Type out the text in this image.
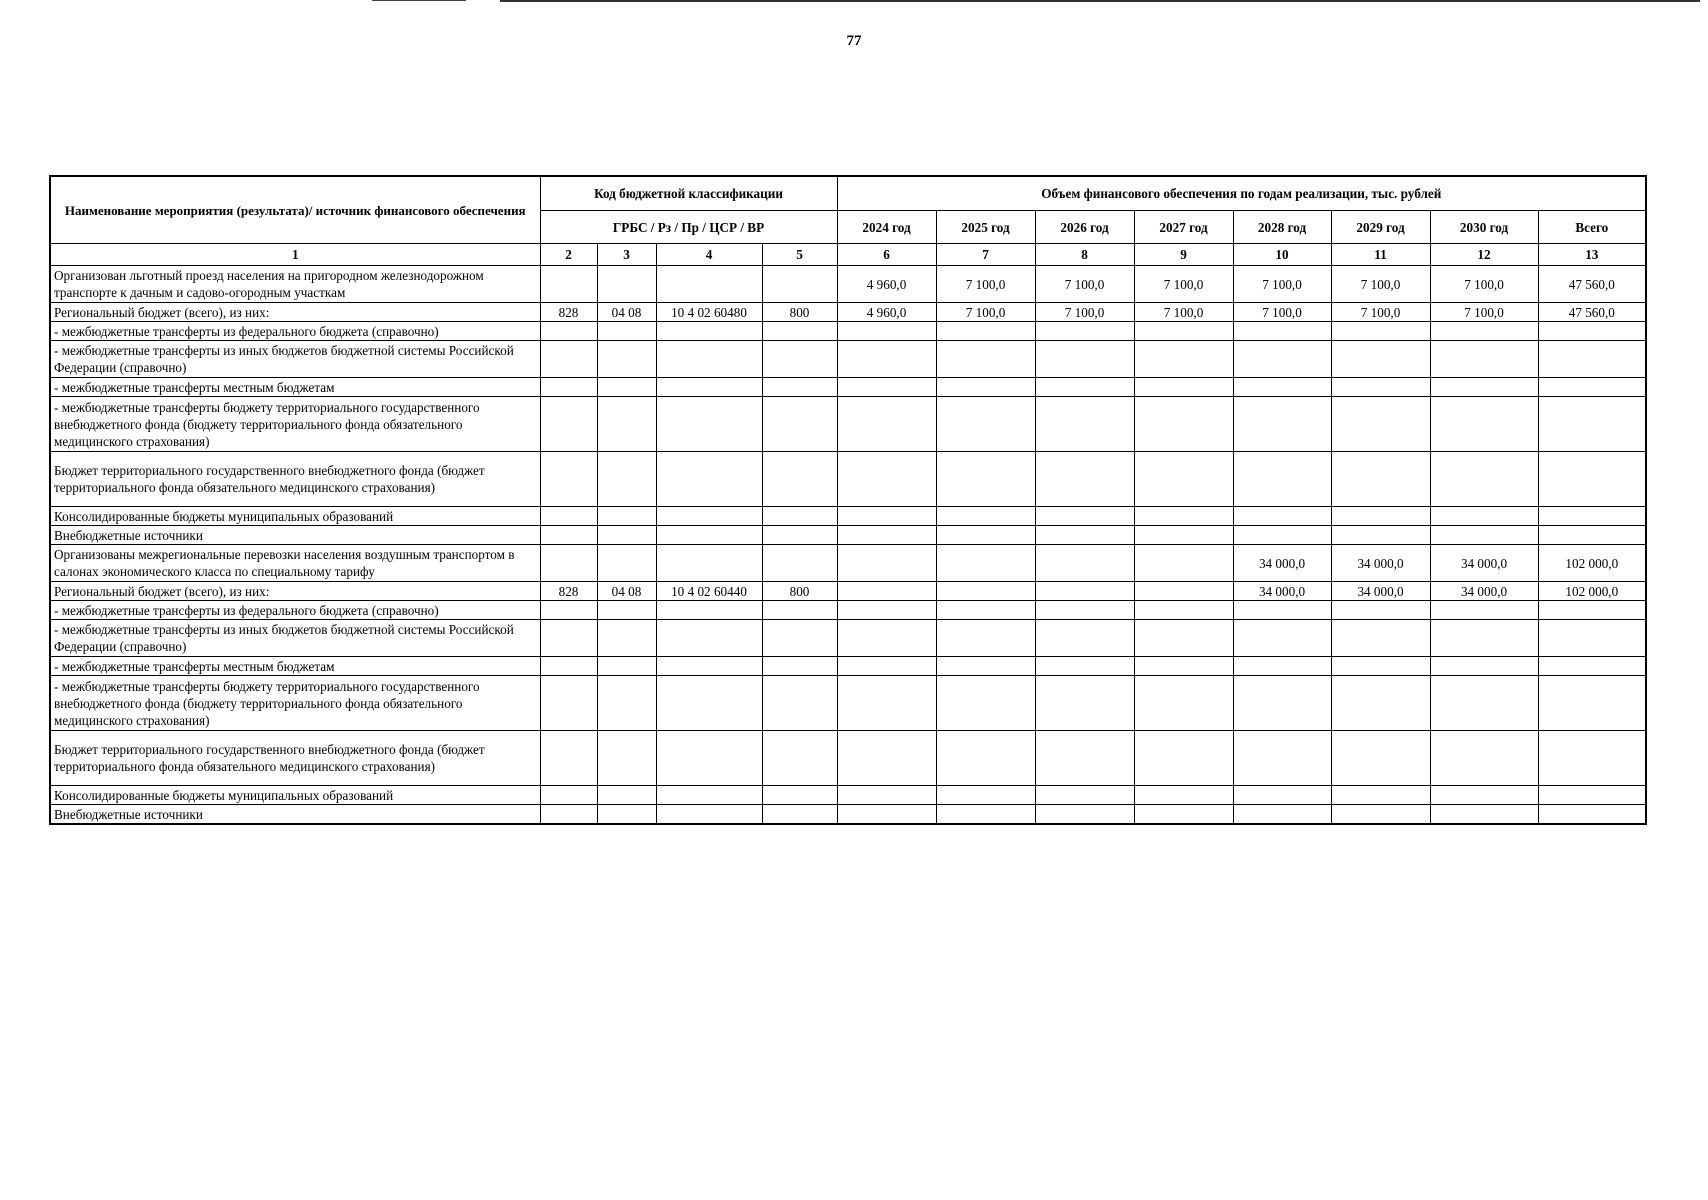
77
Наименование мероприятия (результата)/ источник финансового обеспечения	Код бюджетной классификации				Объем финансового обеспечения по годам реализации, тыс. рублей							
	ГРБС / Рз / Пр / ЦСР / ВР				2024 год	2025 год	2026 год	2027 год	2028 год	2029 год	2030 год	Всего
1	2	3	4	5	6	7	8	9	10	11	12	13
Организован льготный проезд населения на пригородном железнодорожном транспорте к дачным и садово-огородным участкам					4 960,0	7 100,0	7 100,0	7 100,0	7 100,0	7 100,0	7 100,0	47 560,0
Региональный бюджет (всего), из них:	828	04 08	10 4 02 60480	800	4 960,0	7 100,0	7 100,0	7 100,0	7 100,0	7 100,0	7 100,0	47 560,0
- межбюджетные трансферты из федерального бюджета (справочно)												
- межбюджетные трансферты из иных бюджетов бюджетной системы Российской Федерации (справочно)												
- межбюджетные трансферты местным бюджетам												
- межбюджетные трансферты бюджету территориального государственного внебюджетного фонда (бюджету территориального фонда обязательного медицинского страхования)												
Бюджет территориального государственного внебюджетного фонда (бюджет территориального фонда обязательного медицинского страхования)												
Консолидированные бюджеты муниципальных образований												
Внебюджетные источники												
Организованы межрегиональные перевозки населения воздушным транспортом в салонах экономического класса по специальному тарифу									34 000,0	34 000,0	34 000,0	102 000,0
Региональный бюджет (всего), из них:	828	04 08	10 4 02 60440	800					34 000,0	34 000,0	34 000,0	102 000,0
- межбюджетные трансферты из федерального бюджета (справочно)												
- межбюджетные трансферты из иных бюджетов бюджетной системы Российской Федерации (справочно)												
- межбюджетные трансферты местным бюджетам												
- межбюджетные трансферты бюджету территориального государственного внебюджетного фонда (бюджету территориального фонда обязательного медицинского страхования)												
Бюджет территориального государственного внебюджетного фонда (бюджет территориального фонда обязательного медицинского страхования)												
Консолидированные бюджеты муниципальных образований												
Внебюджетные источники												
